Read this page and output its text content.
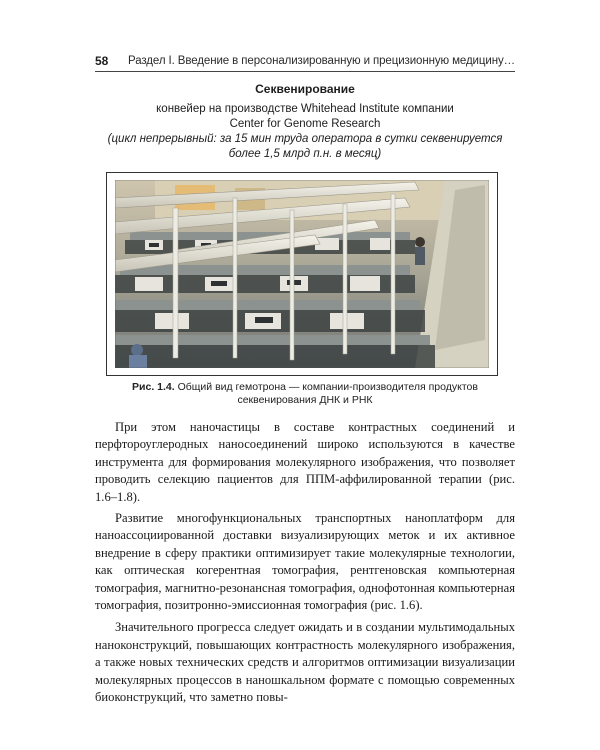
58 Раздел I. Введение в персонализированную и прецизионную медицину…
Секвенирование
конвейер на производстве Whitehead Institute компании
Center for Genome Research
(цикл непрерывный: за 15 мин труда оператора в сутки секвенируется
более 1,5 млрд п.н. в месяц)
Рис. 1.4. Общий вид гемотрона — компании-производителя продуктов секвенирования ДНК и РНК

При этом наночастицы в составе контрастных соединений и перфтороуглеродных наносоединений широко используются в качестве инструмента для формирования молекулярного изображения, что позволяет проводить селекцию пациентов для ППМ-аффилированной терапии (рис. 1.6–1.8).

Развитие многофункциональных транспортных нанoплатформ для наноассоциированной доставки визуализирующих меток и их активное внедрение в сферу практики оптимизирует такие молекулярные технологии, как оптическая когерентная томография, рентгеновская компьютерная томография, магнитно-резонансная томография, однофотонная компьютерная томография, позитронно-эмиссионная томография (рис. 1.6).

Значительного прогресса следует ожидать и в создании мультимодальных наноконструкций, повышающих контрастность молекулярного изображения, а также новых технических средств и алгоритмов оптимизации визуализации молекулярных процессов в наношкальном формате с помощью современных биоконструкций, что заметно повы-
